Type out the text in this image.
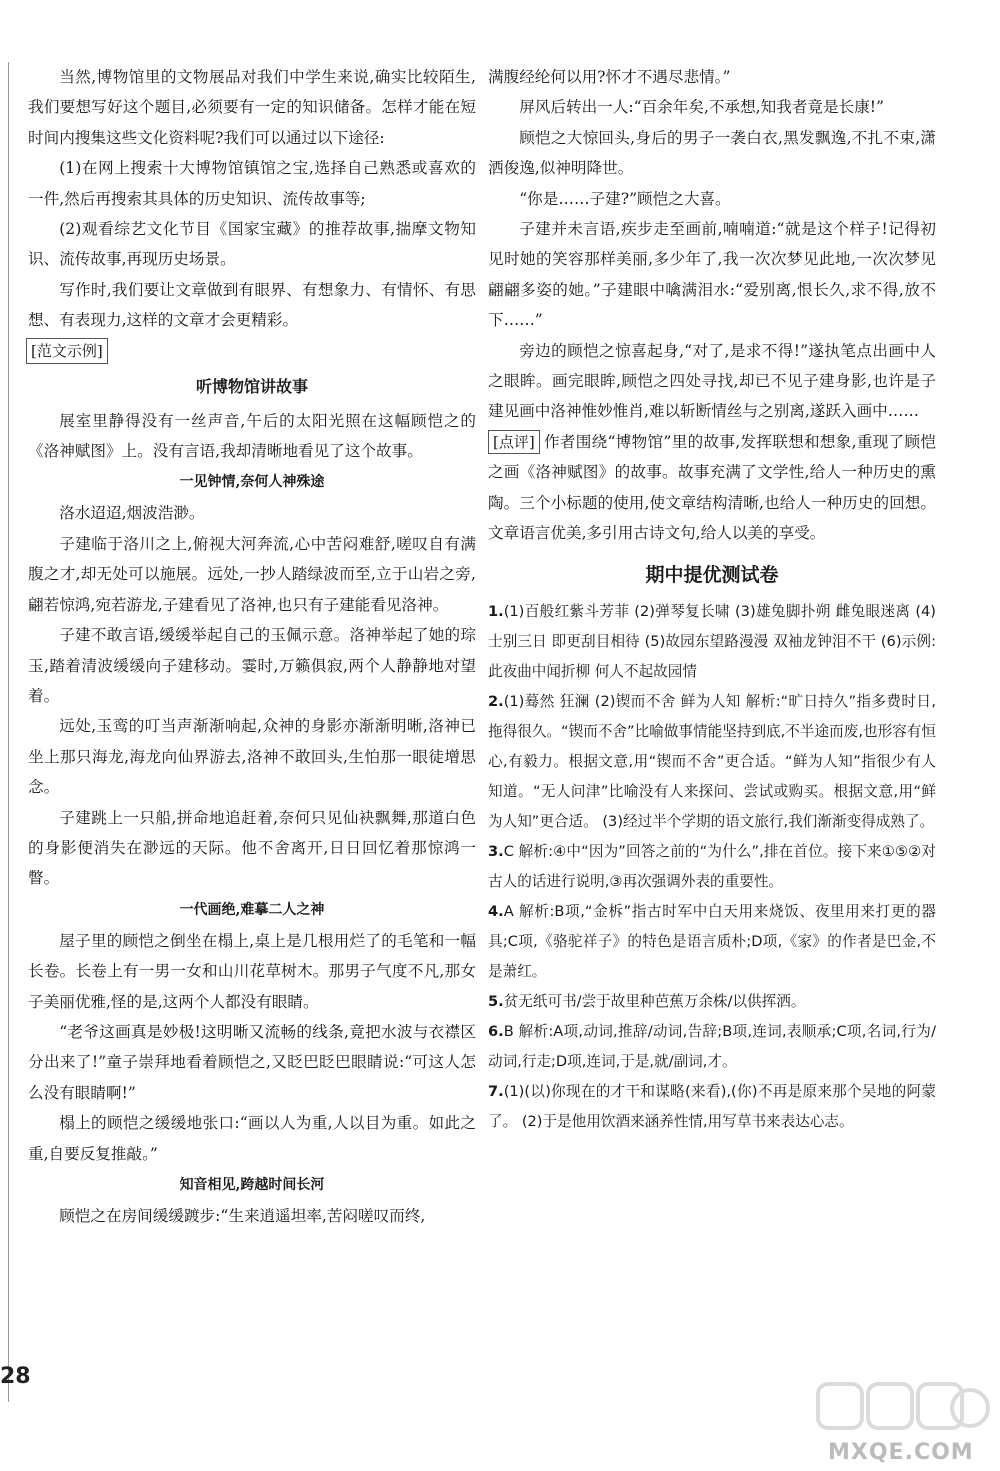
当然,博物馆里的文物展品对我们中学生来说,确实比较陌生,我们要想写好这个题目,必须要有一定的知识储备。怎样才能在短时间内搜集这些文化资料呢?我们可以通过以下途径:

(1)在网上搜索十大博物馆镇馆之宝,选择自己熟悉或喜欢的一件,然后再搜索其具体的历史知识、流传故事等;

(2)观看综艺文化节目《国家宝藏》的推荐故事,揣摩文物知识、流传故事,再现历史场景。

写作时,我们要让文章做到有眼界、有想象力、有情怀、有思想、有表现力,这样的文章才会更精彩。

[范文示例]
听博物馆讲故事

展室里静得没有一丝声音,午后的太阳光照在这幅顾恺之的《洛神赋图》上。没有言语,我却清晰地看见了这个故事。

一见钟情,奈何人神殊途

洛水迢迢,烟波浩渺。

子建临于洛川之上,俯视大河奔流,心中苦闷难舒,嗟叹自有满腹之才,却无处可以施展。远处,一抄人踏绿波而至,立于山岩之旁,翩若惊鸿,宛若游龙,子建看见了洛神,也只有子建能看见洛神。

子建不敢言语,缓缓举起自己的玉佩示意。洛神举起了她的琮玉,踏着清波缓缓向子建移动。霎时,万籁俱寂,两个人静静地对望着。

远处,玉鸾的叮当声渐渐响起,众神的身影亦渐渐明晰,洛神已坐上那只海龙,海龙向仙界游去,洛神不敢回头,生怕那一眼徒增思念。

子建跳上一只船,拼命地追赶着,奈何只见仙袂飘舞,那道白色的身影便消失在渺远的天际。他不舍离开,日日回忆着那惊鸿一瞥。

一代画绝,难摹二人之神

屋子里的顾恺之倒坐在榻上,桌上是几根用烂了的毛笔和一幅长卷。长卷上有一男一女和山川花草树木。那男子气度不凡,那女子美丽优雅,怪的是,这两个人都没有眼睛。

“老爷这画真是妙极!这明晰又流畅的线条,竟把水波与衣襟区分出来了!”童子崇拜地看着顾恺之,又眨巴眨巴眼睛说:“可这人怎么没有眼睛啊!”

榻上的顾恺之缓缓地张口:“画以人为重,人以目为重。如此之重,自要反复推敲。”

知音相见,跨越时间长河

顾恺之在房间缓缓踱步:“生来逍遥坦率,苦闷嗟叹而终,

满腹经纶何以用?怀才不遇尽悲情。”

屏风后转出一人:“百余年矣,不承想,知我者竟是长康!”

顾恺之大惊回头,身后的男子一袭白衣,黑发飘逸,不扎不束,潇洒俊逸,似神明降世。

“你是……子建?”顾恺之大喜。

子建并未言语,疾步走至画前,喃喃道:“就是这个样子!记得初见时她的笑容那样美丽,多少年了,我一次次梦见此地,一次次梦见翩翩多姿的她。”子建眼中噙满泪水:“爱别离,恨长久,求不得,放不下……”

旁边的顾恺之惊喜起身,“对了,是求不得!”遂执笔点出画中人之眼眸。画完眼眸,顾恺之四处寻找,却已不见子建身影,也许是子建见画中洛神惟妙惟肖,难以斩断情丝与之别离,遂跃入画中……

[点评] 作者围绕“博物馆”里的故事,发挥联想和想象,重现了顾恺之画《洛神赋图》的故事。故事充满了文学性,给人一种历史的熏陶。三个小标题的使用,使文章结构清晰,也给人一种历史的回想。文章语言优美,多引用古诗文句,给人以美的享受。

期中提优测试卷

1.(1)百般红紫斗芳菲 (2)弹琴复长啸 (3)雄兔脚扑朔 雌兔眼迷离 (4)士别三日 即更刮目相待 (5)故园东望路漫漫 双袖龙钟泪不干 (6)示例:此夜曲中闻折柳 何人不起故园情

2.(1)蓦然 狂澜 (2)锲而不舍 鲜为人知 解析:“旷日持久”指多费时日,拖得很久。“锲而不舍”比喻做事情能坚持到底,不半途而废,也形容有恒心,有毅力。根据文意,用“锲而不舍”更合适。“鲜为人知”指很少有人知道。“无人问津”比喻没有人来探问、尝试或购买。根据文意,用“鲜为人知”更合适。 (3)经过半个学期的语文旅行,我们渐渐变得成熟了。

3.C 解析:④中“因为”回答之前的“为什么”,排在首位。接下来①⑤②对古人的话进行说明,③再次强调外表的重要性。

4.A 解析:B项,“金柝”指古时军中白天用来烧饭、夜里用来打更的器具;C项,《骆驼祥子》的特色是语言质朴;D项,《家》的作者是巴金,不是萧红。

5.贫无纸可书/尝于故里种芭蕉万余株/以供挥洒。

6.B 解析:A项,动词,推辞/动词,告辞;B项,连词,表顺承;C项,名词,行为/动词,行走;D项,连词,于是,就/副词,才。

7.(1)(以)你现在的才干和谋略(来看),(你)不再是原来那个吴地的阿蒙了。 (2)于是他用饮酒来涵养性情,用写草书来表达心志。

28
MXQE.COM
